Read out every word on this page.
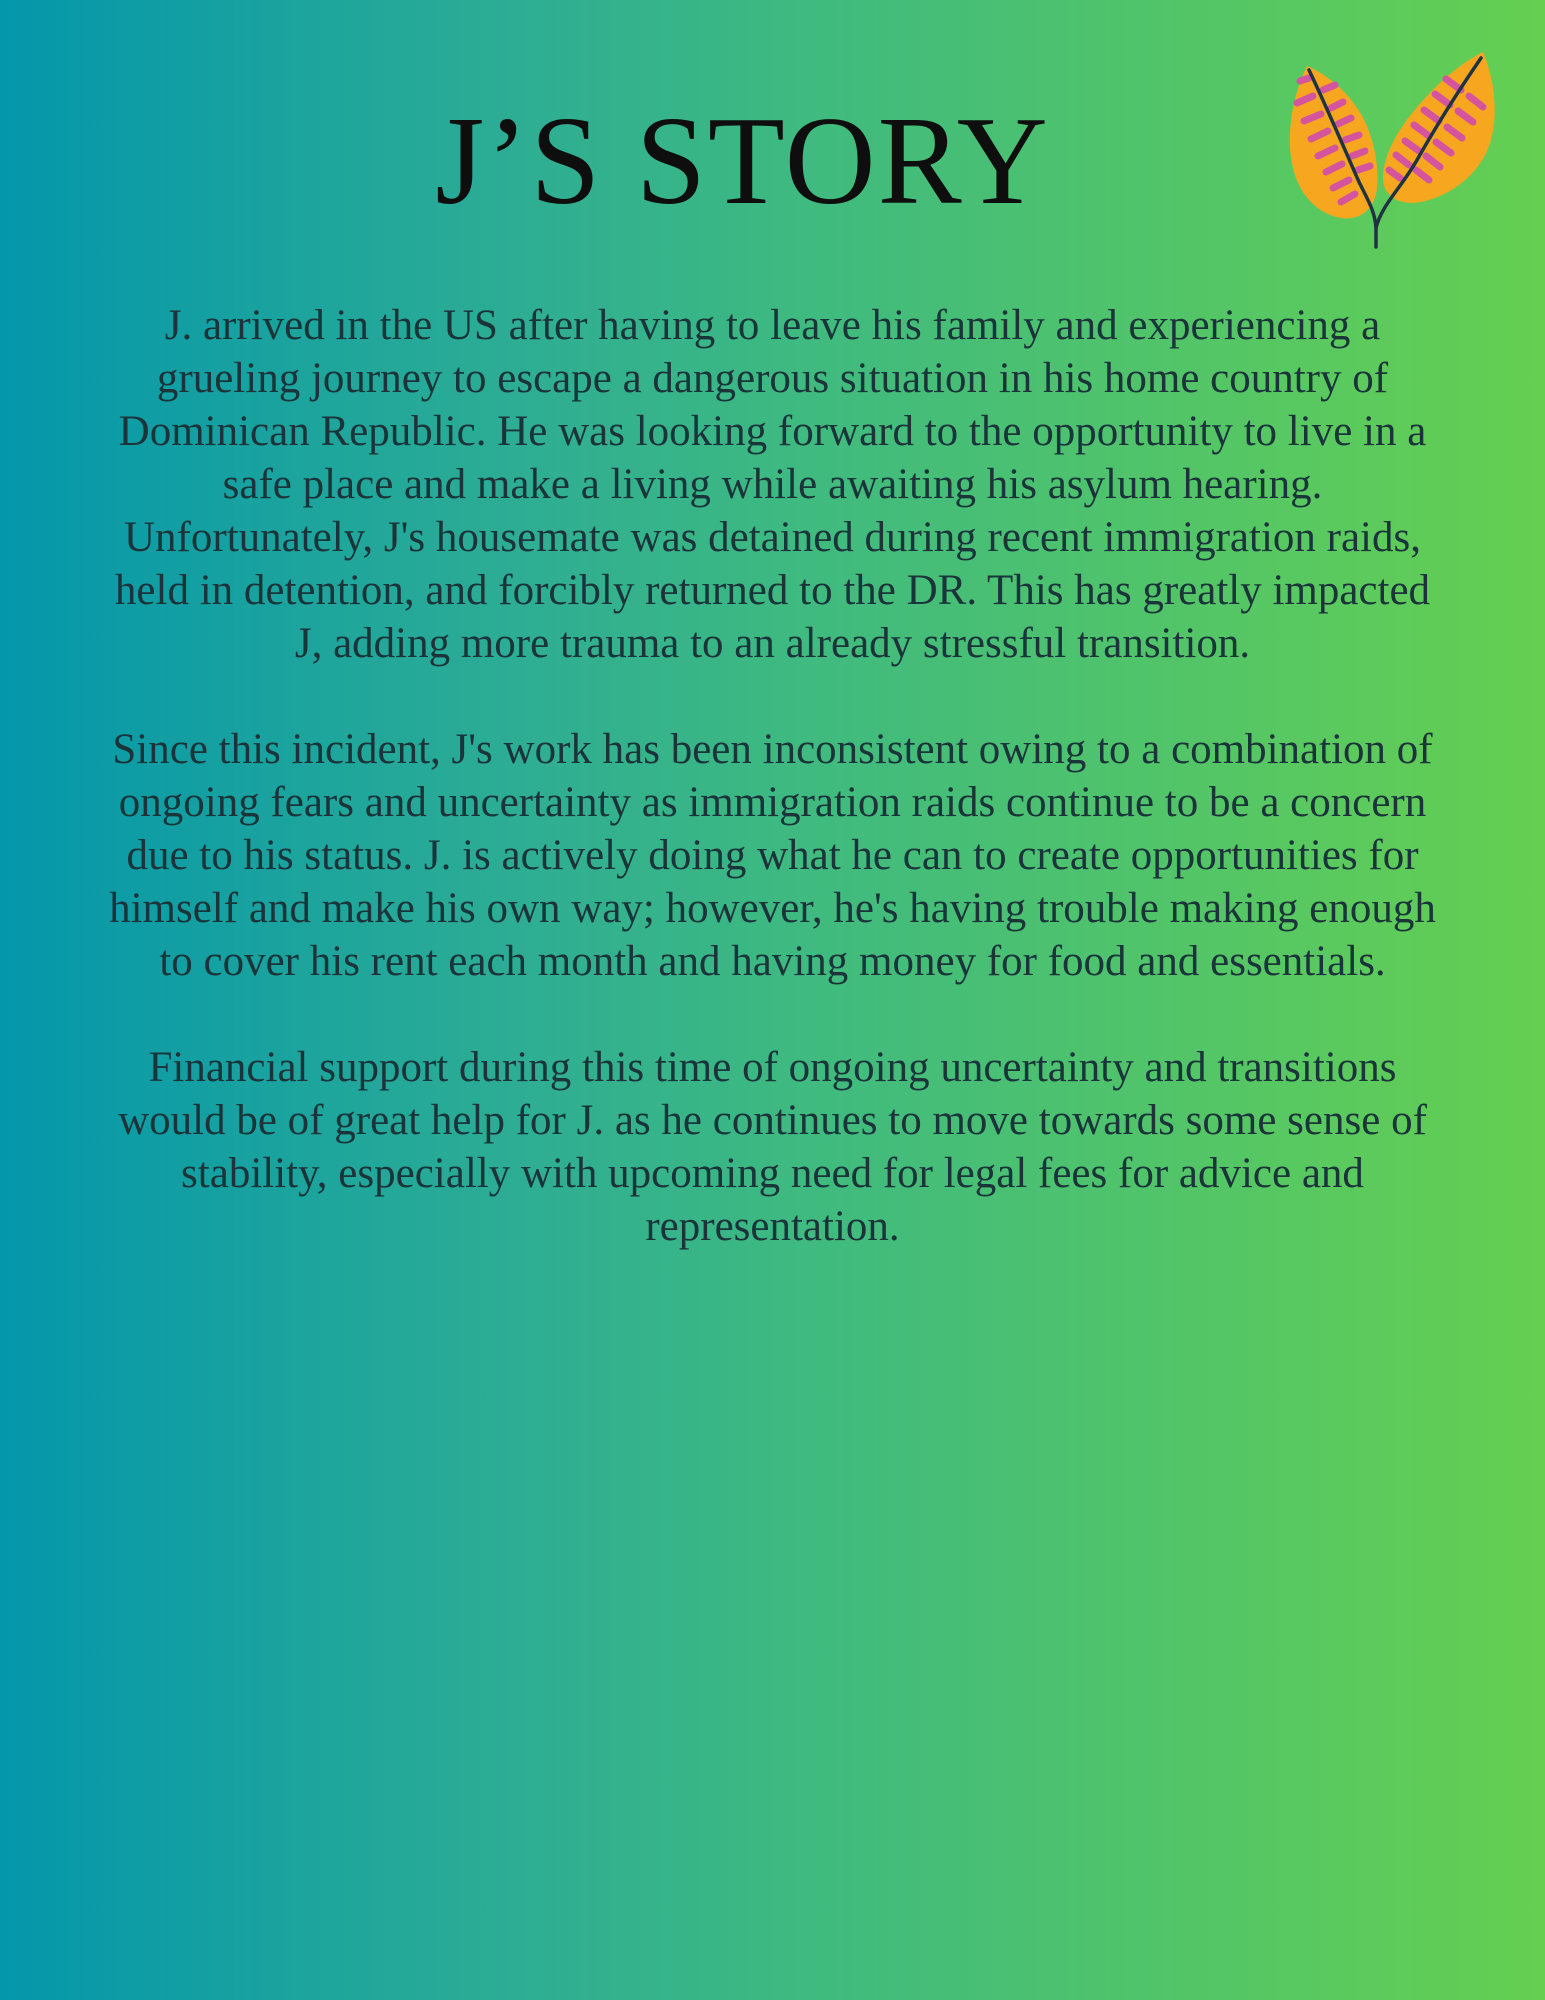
J’S STORY

J. arrived in the US after having to leave his family and experiencing a grueling journey to escape a dangerous situation in his home country of Dominican Republic. He was looking forward to the opportunity to live in a safe place and make a living while awaiting his asylum hearing. Unfortunately, J's housemate was detained during recent immigration raids, held in detention, and forcibly returned to the DR. This has greatly impacted J, adding more trauma to an already stressful transition.

Since this incident, J's work has been inconsistent owing to a combination of ongoing fears and uncertainty as immigration raids continue to be a concern due to his status. J. is actively doing what he can to create opportunities for himself and make his own way; however, he's having trouble making enough to cover his rent each month and having money for food and essentials.

Financial support during this time of ongoing uncertainty and transitions would be of great help for J. as he continues to move towards some sense of stability, especially with upcoming need for legal fees for advice and representation.
